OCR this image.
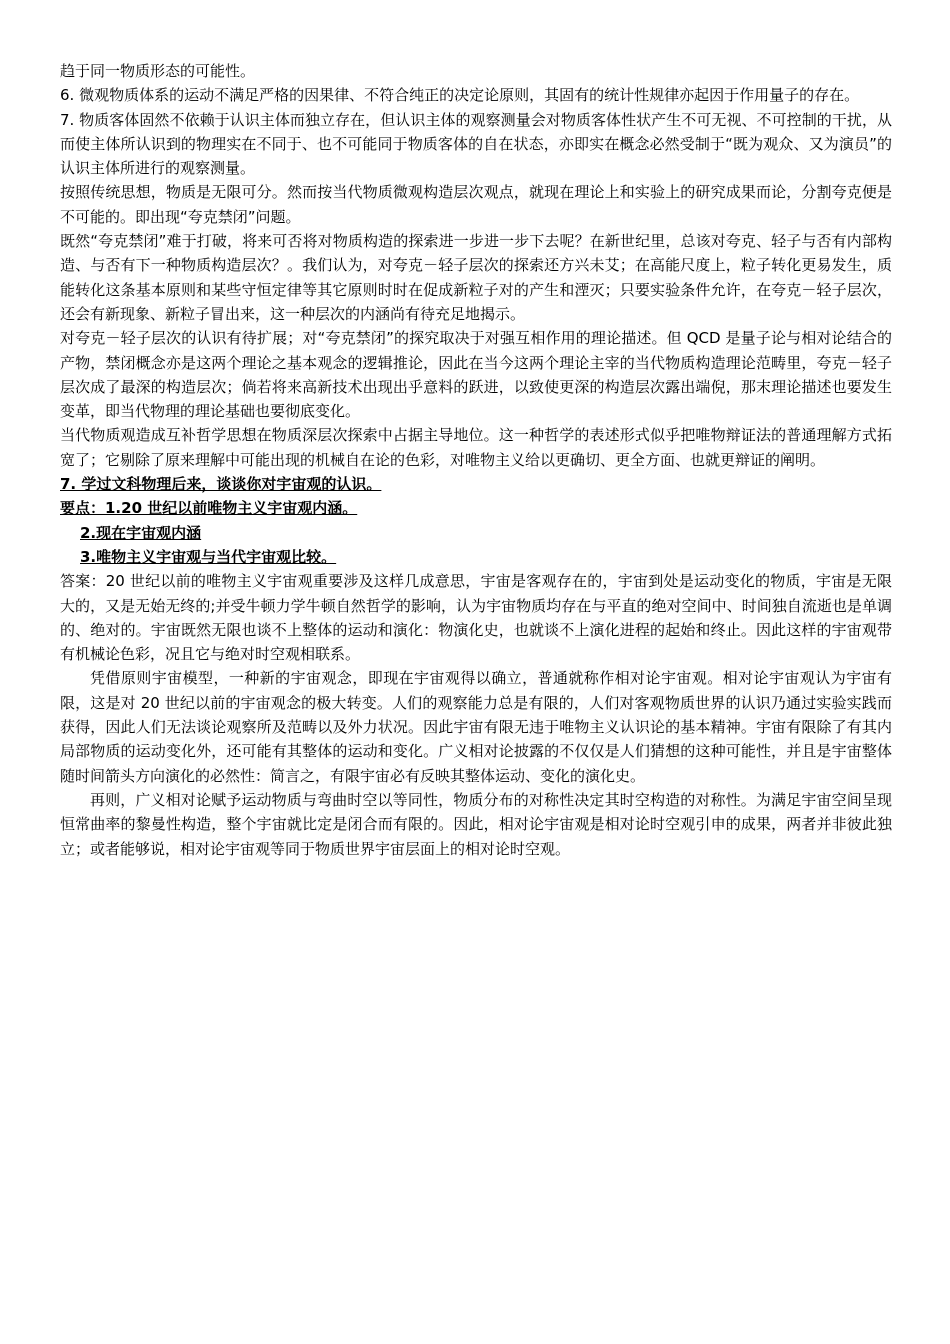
趋于同一物质形态的可能性。

6. 微观物质体系的运动不满足严格的因果律、不符合纯正的决定论原则，其固有的统计性规律亦起因于作用量子的存在。

7. 物质客体固然不依赖于认识主体而独立存在，但认识主体的观察测量会对物质客体性状产生不可无视、不可控制的干扰，从而使主体所认识到的物理实在不同于、也不可能同于物质客体的自在状态，亦即实在概念必然受制于“既为观众、又为演员”的认识主体所进行的观察测量。

按照传统思想，物质是无限可分。然而按当代物质微观构造层次观点，就现在理论上和实验上的研究成果而论，分割夸克便是不可能的。即出现“夸克禁闭”问题。

既然“夸克禁闭”难于打破，将来可否将对物质构造的探索进一步进一步下去呢？在新世纪里，总该对夸克、轻子与否有内部构造、与否有下一种物质构造层次？。我们认为，对夸克－轻子层次的探索还方兴未艾；在高能尺度上，粒子转化更易发生，质能转化这条基本原则和某些守恒定律等其它原则时时在促成新粒子对的产生和湮灭；只要实验条件允许，在夸克－轻子层次，还会有新现象、新粒子冒出来，这一种层次的内涵尚有待充足地揭示。

对夸克－轻子层次的认识有待扩展；对“夸克禁闭”的探究取决于对强互相作用的理论描述。但 QCD 是量子论与相对论结合的产物，禁闭概念亦是这两个理论之基本观念的逻辑推论，因此在当今这两个理论主宰的当代物质构造理论范畴里，夸克－轻子层次成了最深的构造层次；倘若将来高新技术出现出乎意料的跃进，以致使更深的构造层次露出端倪，那末理论描述也要发生变革，即当代物理的理论基础也要彻底变化。

当代物质观造成互补哲学思想在物质深层次探索中占据主导地位。这一种哲学的表述形式似乎把唯物辩证法的普通理解方式拓宽了；它剔除了原来理解中可能出现的机械自在论的色彩，对唯物主义给以更确切、更全方面、也就更辩证的阐明。

7. 学过文科物理后来，谈谈你对宇宙观的认识。

要点：1.20 世纪以前唯物主义宇宙观内涵。

2.现在宇宙观内涵

3.唯物主义宇宙观与当代宇宙观比较。

答案：20 世纪以前的唯物主义宇宙观重要涉及这样几成意思，宇宙是客观存在的，宇宙到处是运动变化的物质，宇宙是无限大的，又是无始无终的;并受牛顿力学牛顿自然哲学的影响，认为宇宙物质均存在与平直的绝对空间中、时间独自流逝也是单调的、绝对的。宇宙既然无限也谈不上整体的运动和演化：物演化史，也就谈不上演化进程的起始和终止。因此这样的宇宙观带有机械论色彩，况且它与绝对时空观相联系。

凭借原则宇宙模型，一种新的宇宙观念，即现在宇宙观得以确立，普通就称作相对论宇宙观。相对论宇宙观认为宇宙有限，这是对 20 世纪以前的宇宙观念的极大转变。人们的观察能力总是有限的，人们对客观物质世界的认识乃通过实验实践而获得，因此人们无法谈论观察所及范畴以及外力状况。因此宇宙有限无违于唯物主义认识论的基本精神。宇宙有限除了有其内局部物质的运动变化外，还可能有其整体的运动和变化。广义相对论披露的不仅仅是人们猜想的这种可能性，并且是宇宙整体随时间箭头方向演化的必然性：简言之，有限宇宙必有反映其整体运动、变化的演化史。

再则，广义相对论赋予运动物质与弯曲时空以等同性，物质分布的对称性决定其时空构造的对称性。为满足宇宙空间呈现恒常曲率的黎曼性构造，整个宇宙就比定是闭合而有限的。因此，相对论宇宙观是相对论时空观引申的成果，两者并非彼此独立；或者能够说，相对论宇宙观等同于物质世界宇宙层面上的相对论时空观。
